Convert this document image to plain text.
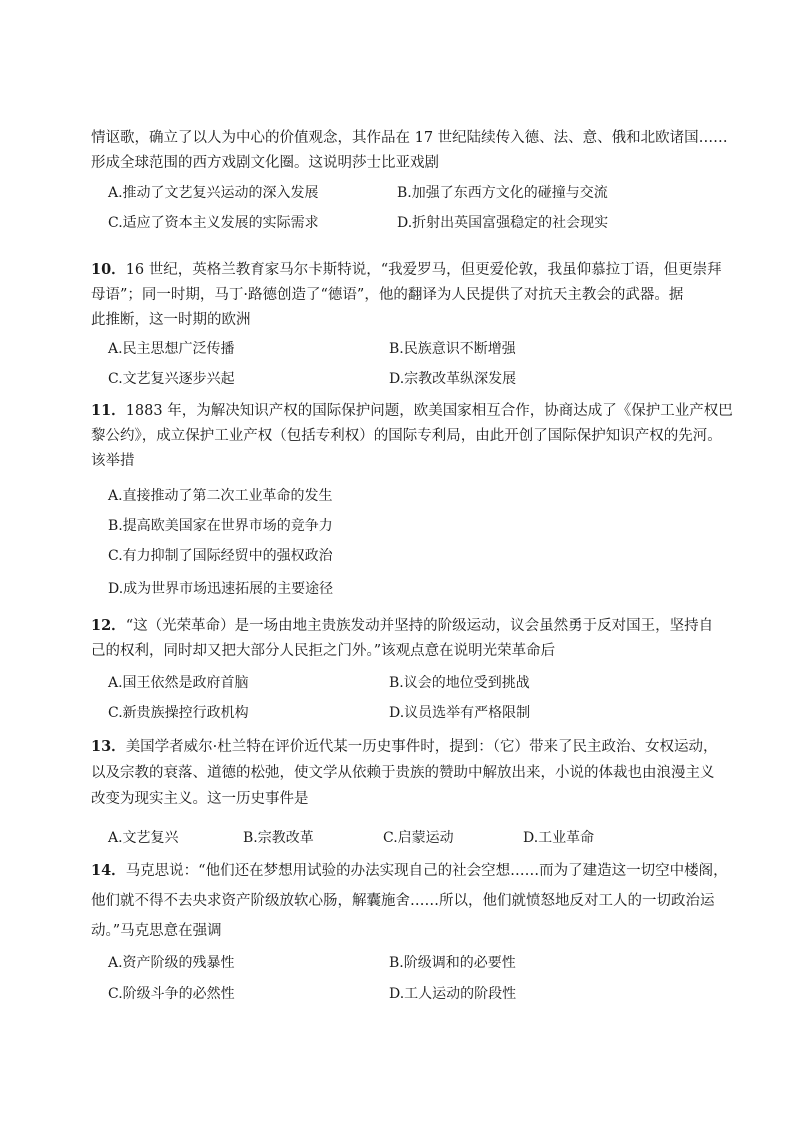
情讴歌，确立了以人为中心的价值观念，其作品在 17 世纪陆续传入德、法、意、俄和北欧诸国……
形成全球范围的西方戏剧文化圈。这说明莎士比亚戏剧
A.推动了文艺复兴运动的深入发展	B.加强了东西方文化的碰撞与交流
C.适应了资本主义发展的实际需求	D.折射出英国富强稳定的社会现实
10．16 世纪，英格兰教育家马尔卡斯特说，“我爱罗马，但更爱伦敦，我虽仰慕拉丁语，但更崇拜
母语”；同一时期，马丁·路德创造了“德语”，他的翻译为人民提供了对抗天主教会的武器。据
此推断，这一时期的欧洲
A.民主思想广泛传播	B.民族意识不断增强
C.文艺复兴逐步兴起	D.宗教改革纵深发展
11．1883 年，为解决知识产权的国际保护问题，欧美国家相互合作，协商达成了《保护工业产权巴
黎公约》，成立保护工业产权（包括专利权）的国际专利局，由此开创了国际保护知识产权的先河。
该举措
A.直接推动了第二次工业革命的发生
B.提高欧美国家在世界市场的竞争力
C.有力抑制了国际经贸中的强权政治
D.成为世界市场迅速拓展的主要途径
12．“这（光荣革命）是一场由地主贵族发动并坚持的阶级运动，议会虽然勇于反对国王，坚持自
己的权利，同时却又把大部分人民拒之门外。”该观点意在说明光荣革命后
A.国王依然是政府首脑	B.议会的地位受到挑战
C.新贵族操控行政机构	D.议员选举有严格限制
13．美国学者威尔·杜兰特在评价近代某一历史事件时，提到：（它）带来了民主政治、女权运动，
以及宗教的衰落、道德的松弛，使文学从依赖于贵族的赞助中解放出来，小说的体裁也由浪漫主义
改变为现实主义。这一历史事件是
A.文艺复兴	B.宗教改革	C.启蒙运动	D.工业革命
14．马克思说：“他们还在梦想用试验的办法实现自己的社会空想……而为了建造这一切空中楼阁，
他们就不得不去央求资产阶级放软心肠，解囊施舍……所以，他们就愤怒地反对工人的一切政治运
动。”马克思意在强调
A.资产阶级的残暴性	B.阶级调和的必要性
C.阶级斗争的必然性	D.工人运动的阶段性
